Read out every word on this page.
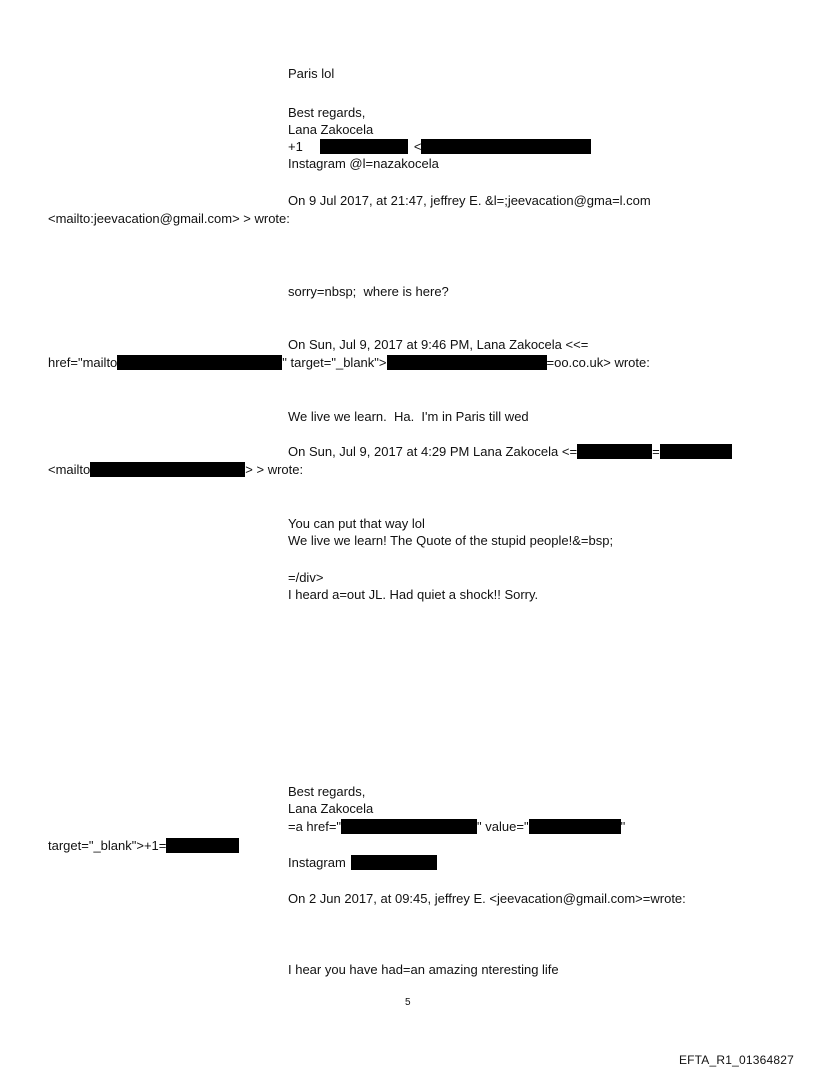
Paris lol
Best regards,
Lana Zakocela
+1	<
Instagram @l=nazakocela
On 9 Jul 2017, at 21:47, jeffrey E. &l=;jeevacation@gma=l.com
<mailto:jeevacation@gmail.com> > wrote:
sorry=nbsp;  where is here?
On Sun, Jul 9, 2017 at 9:46 PM, Lana Zakocela <<=
href="mailto	" target="_blank">	=oo.co.uk> wrote:
We live we learn.  Ha.  I'm in Paris till wed
On Sun, Jul 9, 2017 at 4:29 PM Lana Zakocela <=	=
<mailto	> > wrote:
You can put that way lol
We live we learn! The Quote of the stupid people!&=bsp;
=/div>
I heard a=out JL. Had quiet a shock!! Sorry.
Best regards,
Lana Zakocela
=a href="	" value="	"
target="_blank">+1=
Instagram
On 2 Jun 2017, at 09:45, jeffrey E. <jeevacation@gmail.com>=wrote:
I hear you have had=an amazing nteresting life
5
EFTA_R1_01364827
